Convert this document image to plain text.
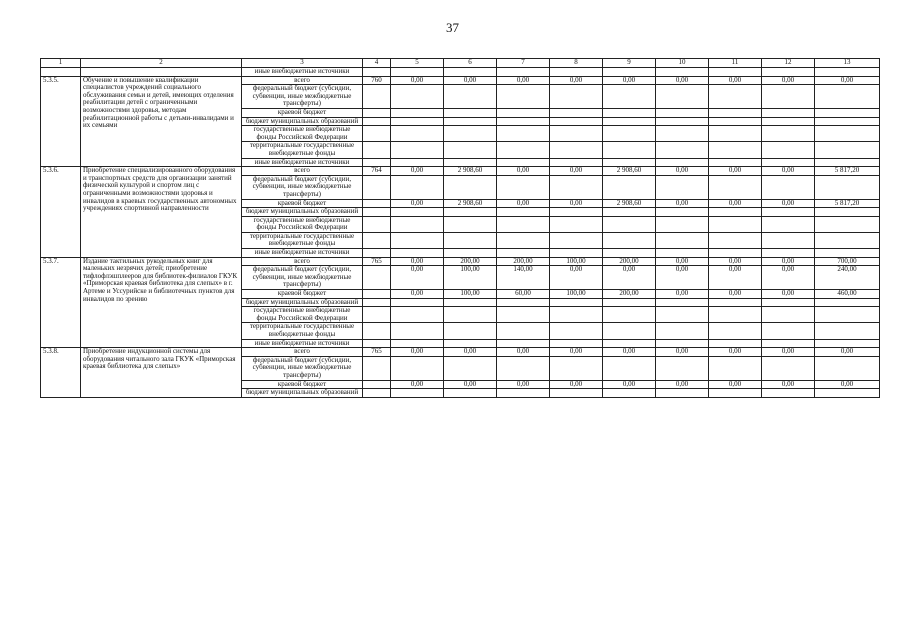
37
1	2	3	4	5	6	7	8	9	10	11	12	13
		иные внебюджетные источники										
5.3.5.	Обучение и повышение квалификации специалистов учреждений социального обслуживания семьи и детей, имеющих отделения реабилитации детей с ограниченными возможностями здоровья, методам реабилитационной работы с детьми-инвалидами и их семьями	всего	760	0,00	0,00	0,00	0,00	0,00	0,00	0,00	0,00	0,00
		федеральный бюджет (субсидии, субвенции, иные межбюджетные трансферты)										
		краевой бюджет										
		бюджет муниципальных образований										
		государственные внебюджетные фонды Российской Федерации										
		территориальные государственные внебюджетные фонды										
		иные внебюджетные источники										
5.3.6.	Приобретение специализированного оборудования и транспортных средств для организации занятий физической культурой и спортом лиц с ограниченными возможностями здоровья и инвалидов в краевых государственных автономных учреждениях спортивной направленности	всего	764	0,00	2 908,60	0,00	0,00	2 908,60	0,00	0,00	0,00	5 817,20
		федеральный бюджет (субсидии, субвенции, иные межбюджетные трансферты)										
		краевой бюджет		0,00	2 908,60	0,00	0,00	2 908,60	0,00	0,00	0,00	5 817,20
		бюджет муниципальных образований										
		государственные внебюджетные фонды Российской Федерации										
		территориальные государственные внебюджетные фонды										
		иные внебюджетные источники										
5.3.7.	Издание тактильных рукодельных книг для маленьких незрячих детей; приобретение тифлофлэшплееров для библиотек-филиалов ГКУК «Приморская краевая библиотека для слепых» в г. Артеме и Уссурийске и библиотечных пунктов для инвалидов по зрению	всего	765	0,00	200,00	200,00	100,00	200,00	0,00	0,00	0,00	700,00
		федеральный бюджет (субсидии, субвенции, иные межбюджетные трансферты)		0,00	100,00	140,00	0,00	0,00	0,00	0,00	0,00	240,00
		краевой бюджет		0,00	100,00	60,00	100,00	200,00	0,00	0,00	0,00	460,00
		бюджет муниципальных образований										
		государственные внебюджетные фонды Российской Федерации										
		территориальные государственные внебюджетные фонды										
		иные внебюджетные источники										
5.3.8.	Приобретение индукционной системы для оборудования читального зала ГКУК «Приморская краевая библиотека для слепых»	всего	765	0,00	0,00	0,00	0,00	0,00	0,00	0,00	0,00	0,00
		федеральный бюджет (субсидии, субвенции, иные межбюджетные трансферты)										
		краевой бюджет		0,00	0,00	0,00	0,00	0,00	0,00	0,00	0,00	0,00
		бюджет муниципальных образований										
